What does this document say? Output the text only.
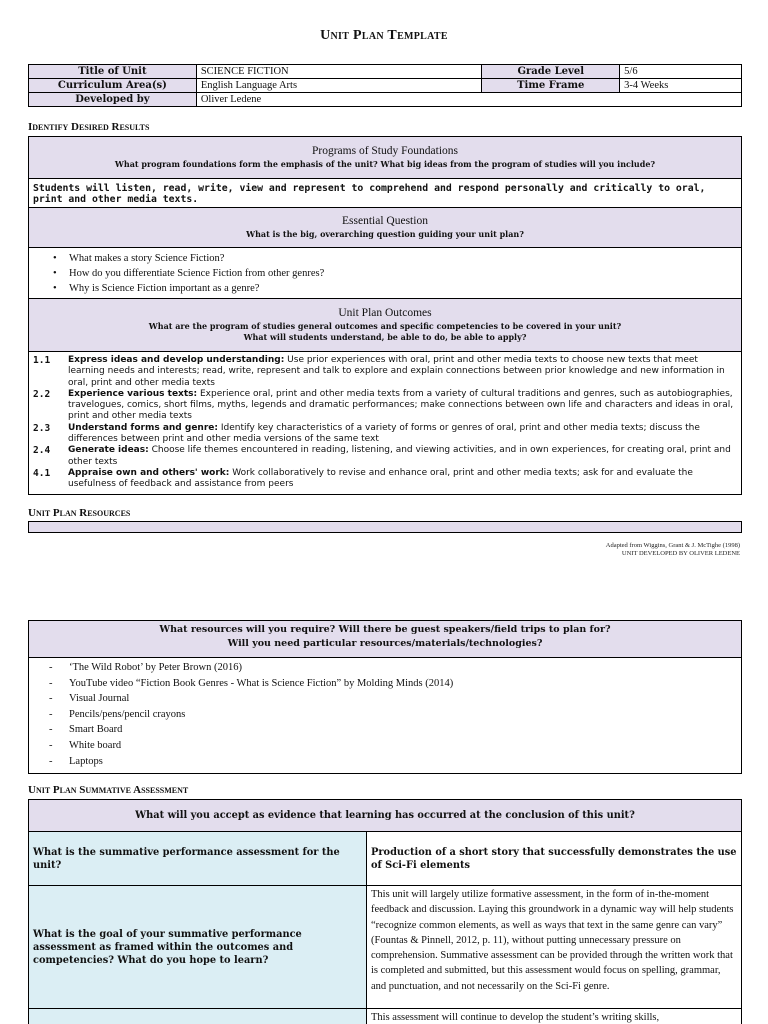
Unit Plan Template
Title of Unit	SCIENCE FICTION	Grade Level	5/6
Curriculum Area(s)	English Language Arts	Time Frame	3-4 Weeks
Developed by	Oliver Ledene		
Identify Desired Results
Programs of Study Foundations
What program foundations form the emphasis of the unit? What big ideas from the program of studies will you include?
Students will listen, read, write, view and represent to comprehend and respond personally and critically to oral, print and other media texts.
Essential Question
What is the big, overarching question guiding your unit plan?
• What makes a story Science Fiction?
• How do you differentiate Science Fiction from other genres?
• Why is Science Fiction important as a genre?
Unit Plan Outcomes
What are the program of studies general outcomes and specific competencies to be covered in your unit?
What will students understand, be able to do, be able to apply?
1.1	Express ideas and develop understanding: Use prior experiences with oral, print and other media texts to choose new texts that meet learning needs and interests; read, write, represent and talk to explore and explain connections between prior knowledge and new information in oral, print and other media texts
2.2	Experience various texts: Experience oral, print and other media texts from a variety of cultural traditions and genres, such as autobiographies, travelogues, comics, short films, myths, legends and dramatic performances; make connections between own life and characters and ideas in oral, print and other media texts
2.3	Understand forms and genre: Identify key characteristics of a variety of forms or genres of oral, print and other media texts; discuss the differences between print and other media versions of the same text
2.4	Generate ideas: Choose life themes encountered in reading, listening, and viewing activities, and in own experiences, for creating oral, print and other texts
4.1	Appraise own and others' work: Work collaboratively to revise and enhance oral, print and other media texts; ask for and evaluate the usefulness of feedback and assistance from peers
Unit Plan Resources
Adapted from Wiggins, Grant & J. McTighe (1998)
UNIT DEVELOPED BY OLIVER LEDENE
What resources will you require? Will there be guest speakers/field trips to plan for?
Will you need particular resources/materials/technologies?
- ‘The Wild Robot’ by Peter Brown (2016)
- YouTube video “Fiction Book Genres - What is Science Fiction” by Molding Minds (2014)
- Visual Journal
- Pencils/pens/pencil crayons
- Smart Board
- White board
- Laptops
Unit Plan Summative Assessment
What will you accept as evidence that learning has occurred at the conclusion of this unit?	
What is the summative performance assessment for the unit?	Production of a short story that successfully demonstrates the use of Sci-Fi elements
What is the goal of your summative performance assessment as framed within the outcomes and competencies? What do you hope to learn?	This unit will largely utilize formative assessment, in the form of in-the-moment feedback and discussion. Laying this groundwork in a dynamic way will help students “recognize common elements, as well as ways that text in the same genre can vary” (Fountas & Pinnell, 2012, p. 11), without putting unnecessary pressure on comprehension. Summative assessment can be provided through the written work that is completed and submitted, but this assessment would focus on spelling, grammar, and punctuation, and not necessarily on the Sci-Fi genre.
	This assessment will continue to develop the student’s writing skills,
